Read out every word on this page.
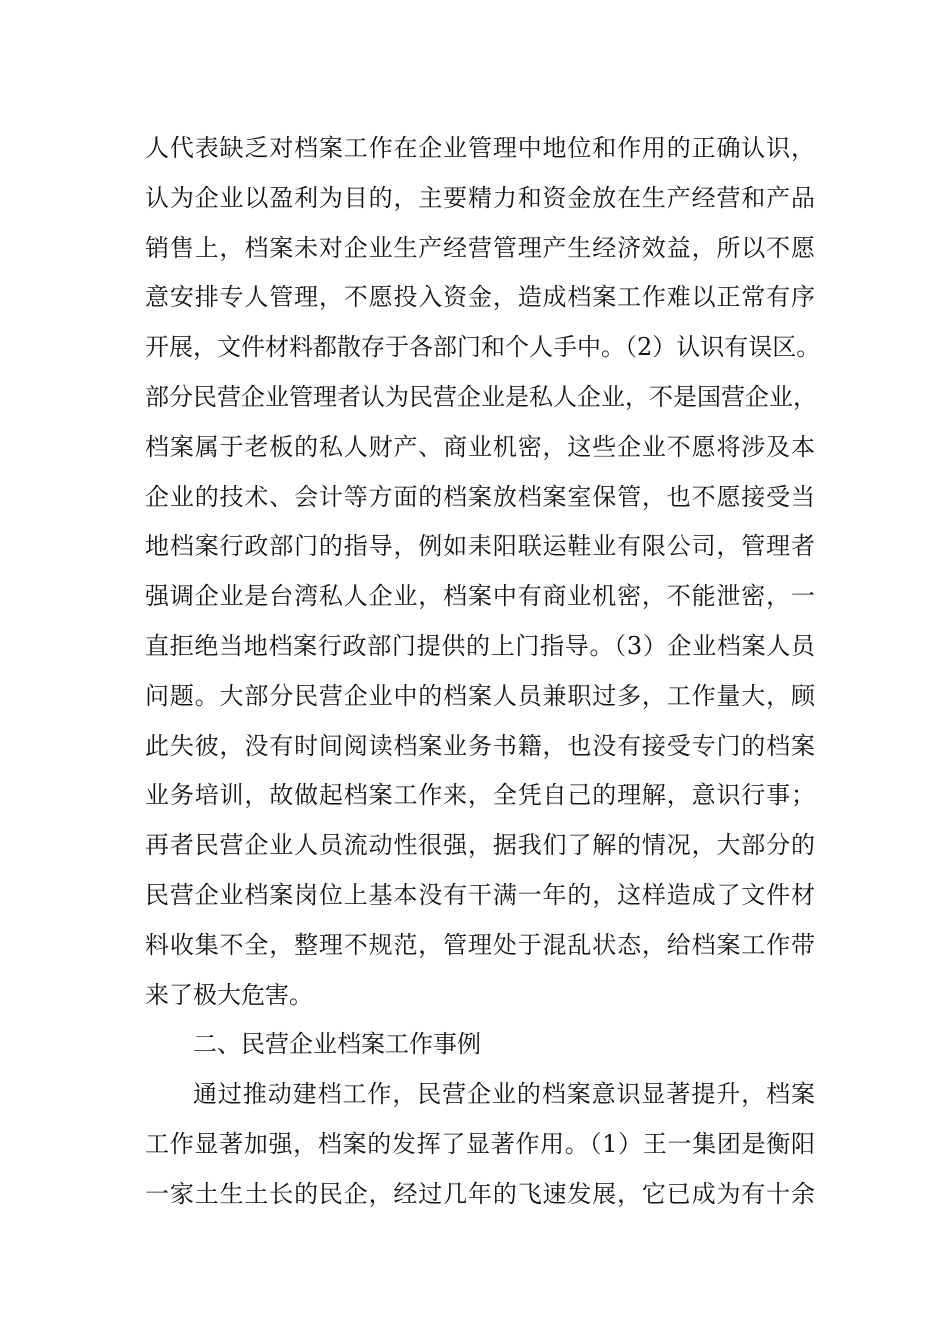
人代表缺乏对档案工作在企业管理中地位和作用的正确认识，
认为企业以盈利为目的，主要精力和资金放在生产经营和产品
销售上，档案未对企业生产经营管理产生经济效益，所以不愿
意安排专人管理，不愿投入资金，造成档案工作难以正常有序
开展，文件材料都散存于各部门和个人手中。（2）认识有误区。
部分民营企业管理者认为民营企业是私人企业，不是国营企业，
档案属于老板的私人财产、商业机密，这些企业不愿将涉及本
企业的技术、会计等方面的档案放档案室保管，也不愿接受当
地档案行政部门的指导，例如耒阳联运鞋业有限公司，管理者
强调企业是台湾私人企业，档案中有商业机密，不能泄密，一
直拒绝当地档案行政部门提供的上门指导。（3）企业档案人员
问题。大部分民营企业中的档案人员兼职过多，工作量大，顾
此失彼，没有时间阅读档案业务书籍，也没有接受专门的档案
业务培训，故做起档案工作来，全凭自己的理解，意识行事；
再者民营企业人员流动性很强，据我们了解的情况，大部分的
民营企业档案岗位上基本没有干满一年的，这样造成了文件材
料收集不全，整理不规范，管理处于混乱状态，给档案工作带
来了极大危害。
二、民营企业档案工作事例
通过推动建档工作，民营企业的档案意识显著提升，档案
工作显著加强，档案的发挥了显著作用。（1）王一集团是衡阳
一家土生土长的民企，经过几年的飞速发展，它已成为有十余
